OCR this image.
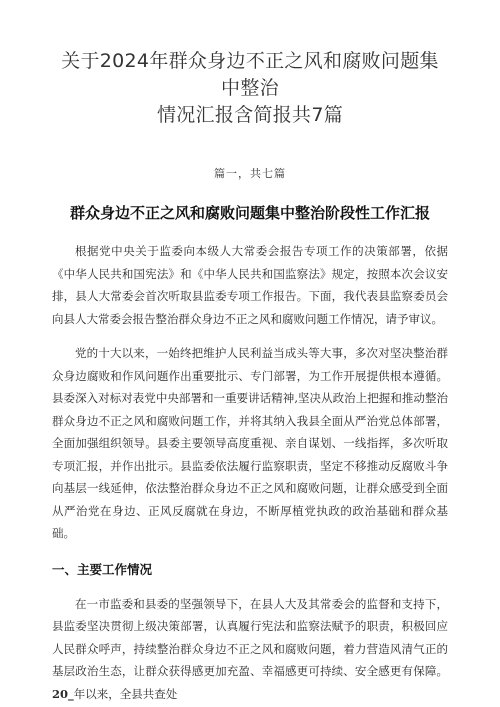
关于2024年群众身边不正之风和腐败问题集中整治
情况汇报含简报共7篇
篇一，共七篇
群众身边不正之风和腐败问题集中整治阶段性工作汇报

根据党中央关于监委向本级人大常委会报告专项工作的决策部署，依据《中华人民共和国宪法》和《中华人民共和国监察法》规定，按照本次会议安排，县人大常委会首次听取县监委专项工作报告。下面，我代表县监察委员会向县人大常委会报告整治群众身边不正之风和腐败问题工作情况，请予审议。

党的十大以来，一始终把维护人民利益当成头等大事，多次对坚决整治群众身边腐败和作风问题作出重要批示、专门部署，为工作开展提供根本遵循。县委深入对标对表党中央部署和一重要讲话精神,坚决从政治上把握和推动整治群众身边不正之风和腐败问题工作，并将其纳入我县全面从严治党总体部署，全面加强组织领导。县委主要领导高度重视、亲自谋划、一线指挥，多次听取专项汇报，并作出批示。县监委依法履行监察职责，坚定不移推动反腐败斗争向基层一线延伸，依法整治群众身边不正之风和腐败问题，让群众感受到全面从严治党在身边、正风反腐就在身边，不断厚植党执政的政治基础和群众基础。

一、主要工作情况

在一市监委和县委的坚强领导下，在县人大及其常委会的监督和支持下，县监委坚决贯彻上级决策部署，认真履行宪法和监察法赋予的职责，积极回应人民群众呼声，持续整治群众身边不正之风和腐败问题，着力营造风清气正的基层政治生态，让群众获得感更加充盈、幸福感更可持续、安全感更有保障。20_年以来，全县共查处
